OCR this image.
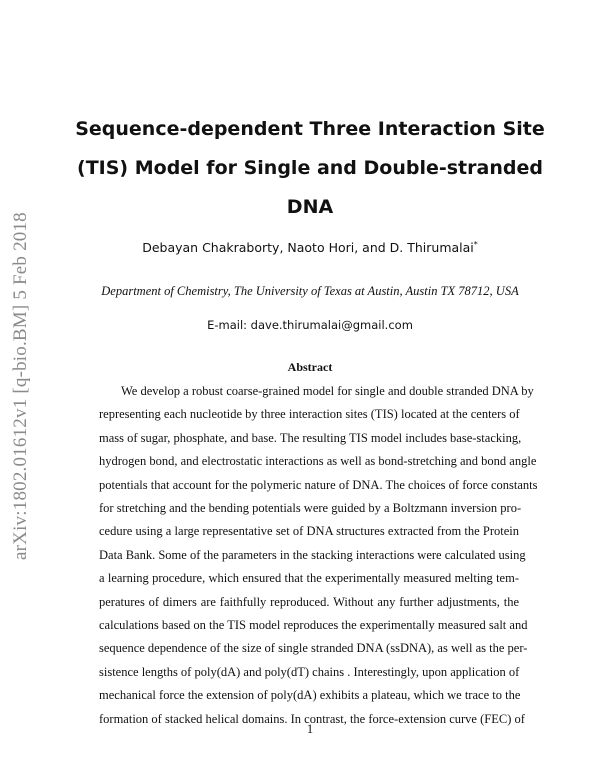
arXiv:1802.01612v1 [q-bio.BM] 5 Feb 2018
Sequence-dependent Three Interaction Site
(TIS) Model for Single and Double-stranded
DNA

Debayan Chakraborty, Naoto Hori, and D. Thirumalai*

Department of Chemistry, The University of Texas at Austin, Austin TX 78712, USA

E-mail: dave.thirumalai@gmail.com

Abstract

We develop a robust coarse-grained model for single and double stranded DNA by
representing each nucleotide by three interaction sites (TIS) located at the centers of
mass of sugar, phosphate, and base. The resulting TIS model includes base-stacking,
hydrogen bond, and electrostatic interactions as well as bond-stretching and bond angle
potentials that account for the polymeric nature of DNA. The choices of force constants
for stretching and the bending potentials were guided by a Boltzmann inversion pro-
cedure using a large representative set of DNA structures extracted from the Protein
Data Bank. Some of the parameters in the stacking interactions were calculated using
a learning procedure, which ensured that the experimentally measured melting tem-
peratures of dimers are faithfully reproduced. Without any further adjustments, the
calculations based on the TIS model reproduces the experimentally measured salt and
sequence dependence of the size of single stranded DNA (ssDNA), as well as the per-
sistence lengths of poly(dA) and poly(dT) chains . Interestingly, upon application of
mechanical force the extension of poly(dA) exhibits a plateau, which we trace to the
formation of stacked helical domains. In contrast, the force-extension curve (FEC) of

1
